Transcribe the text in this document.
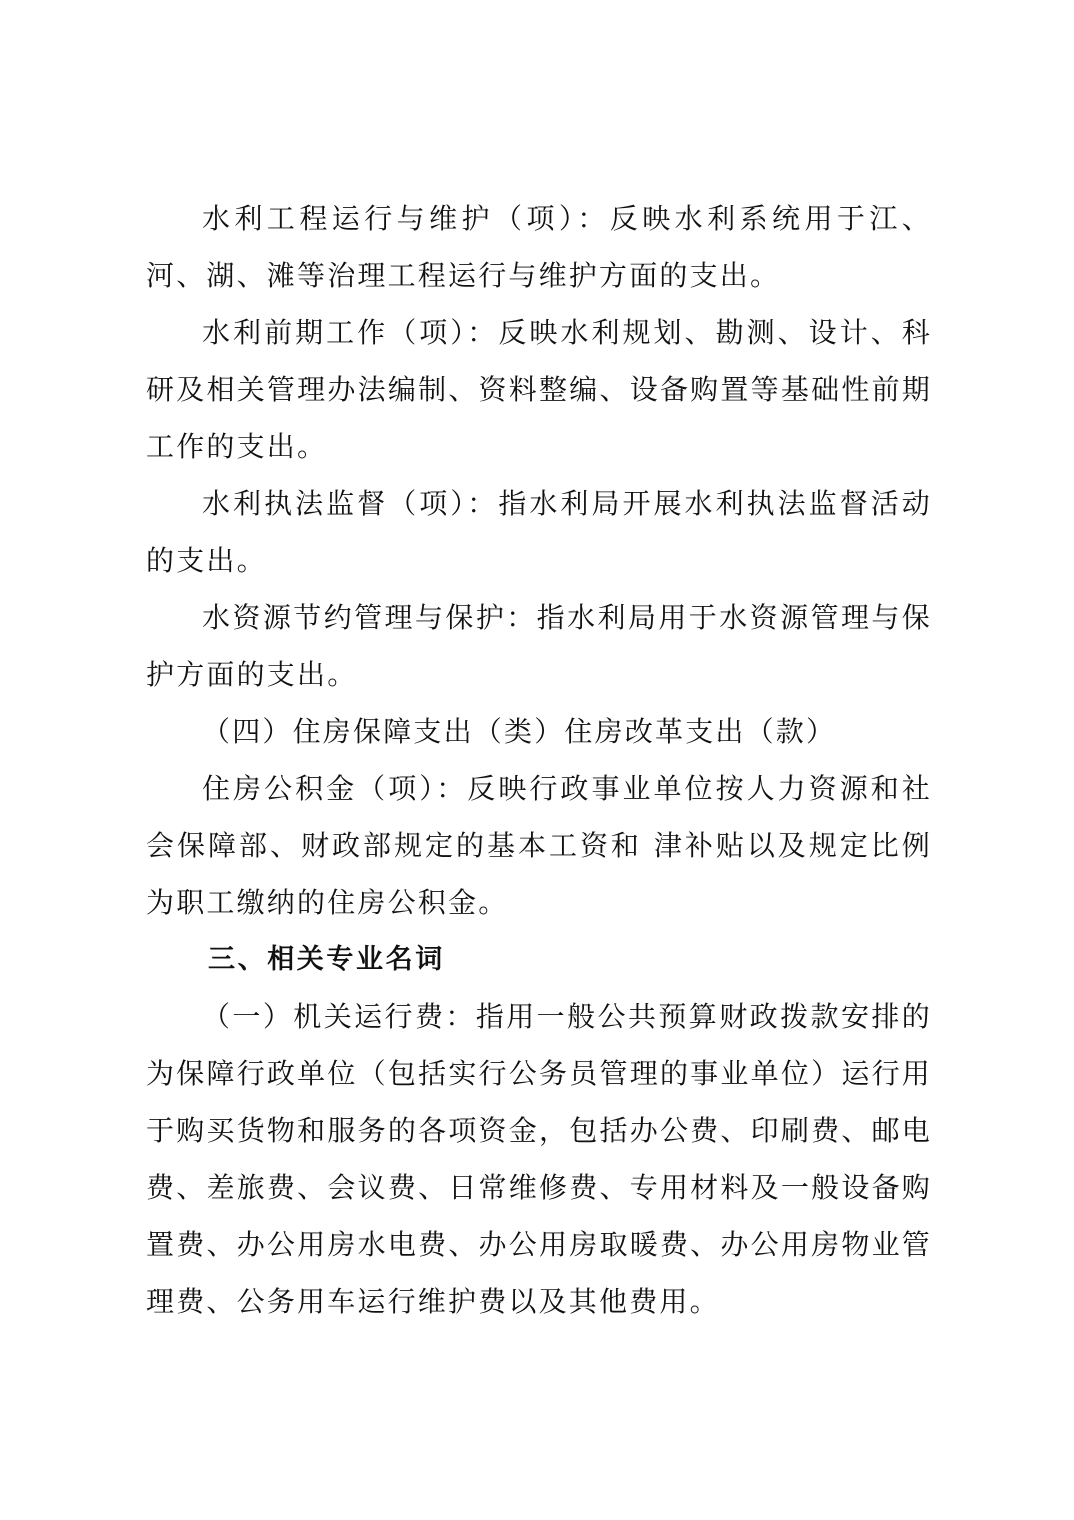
水利工程运行与维护（项）：反映水利系统用于江、河、湖、滩等治理工程运行与维护方面的支出。

水利前期工作（项）：反映水利规划、勘测、设计、科研及相关管理办法编制、资料整编、设备购置等基础性前期工作的支出。

水利执法监督（项）：指水利局开展水利执法监督活动的支出。

水资源节约管理与保护：指水利局用于水资源管理与保护方面的支出。

（四）住房保障支出（类）住房改革支出（款）

住房公积金（项）：反映行政事业单位按人力资源和社会保障部、财政部规定的基本工资和 津补贴以及规定比例为职工缴纳的住房公积金。

三、相关专业名词

（一）机关运行费：指用一般公共预算财政拨款安排的为保障行政单位（包括实行公务员管理的事业单位）运行用于购买货物和服务的各项资金，包括办公费、印刷费、邮电费、差旅费、会议费、日常维修费、专用材料及一般设备购置费、办公用房水电费、办公用房取暖费、办公用房物业管理费、公务用车运行维护费以及其他费用。
